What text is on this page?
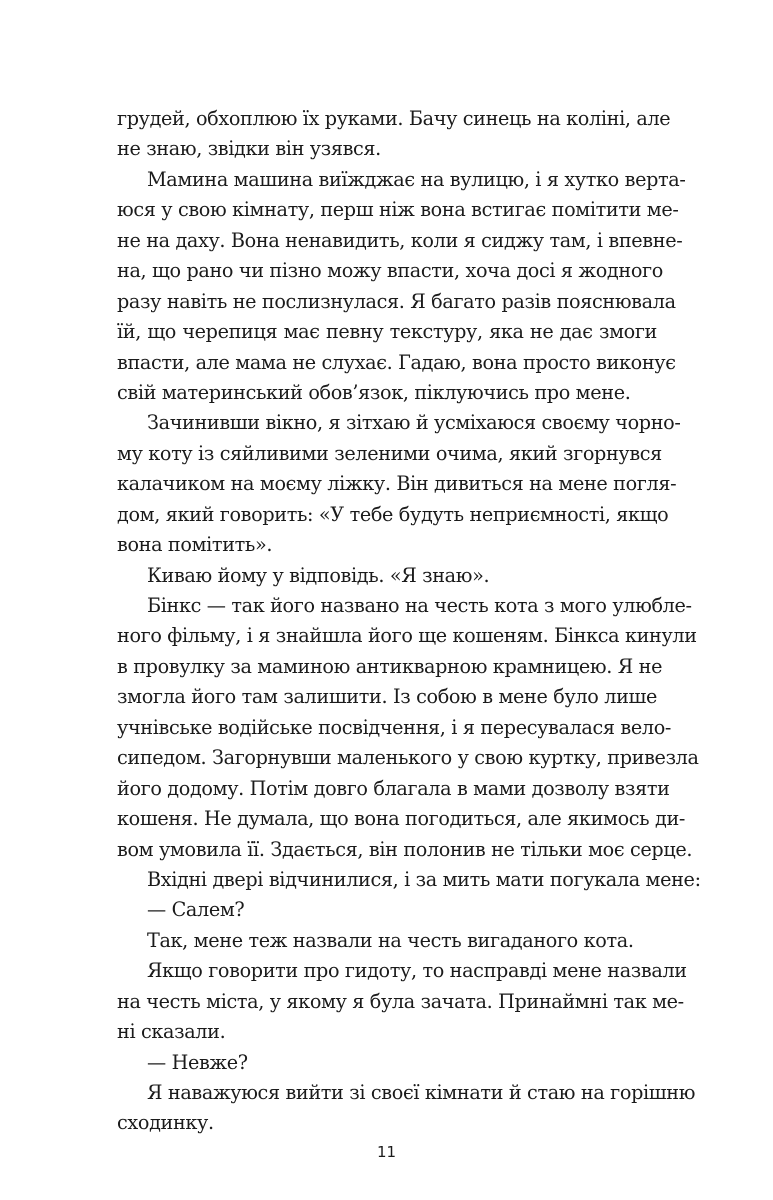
грудей, обхоплюю їх руками. Бачу синець на коліні, але
не знаю, звідки він узявся.
Мамина машина виїжджає на вулицю, і я хутко верта-
юся у свою кімнату, перш ніж вона встигає помітити ме-
не на даху. Вона ненавидить, коли я сиджу там, і впевне-
на, що рано чи пізно можу впасти, хоча досі я жодного
разу навіть не послизнулася. Я багато разів пояснювала
їй, що черепиця має певну текстуру, яка не дає змоги
впасти, але мама не слухає. Гадаю, вона просто виконує
свій материнський обов’язок, піклуючись про мене.
Зачинивши вікно, я зітхаю й усміхаюся своєму чорно-
му коту із сяйливими зеленими очима, який згорнувся
калачиком на моєму ліжку. Він дивиться на мене погля-
дом, який говорить: «У тебе будуть неприємності, якщо
вона помітить».
Киваю йому у відповідь. «Я знаю».
Бінкс — так його названо на честь кота з мого улюбле-
ного фільму, і я знайшла його ще кошеням. Бінкса кинули
в провулку за маминою антикварною крамницею. Я не
змогла його там залишити. Із собою в мене було лише
учнівське водійське посвідчення, і я пересувалася вело-
сипедом. Загорнувши маленького у свою куртку, привезла
його додому. Потім довго благала в мами дозволу взяти
кошеня. Не думала, що вона погодиться, але якимось ди-
вом умовила її. Здається, він полонив не тільки моє серце.
Вхідні двері відчинилися, і за мить мати погукала мене:
— Салем?
Так, мене теж назвали на честь вигаданого кота.
Якщо говорити про гидоту, то насправді мене назвали
на честь міста, у якому я була зачата. Принаймні так ме-
ні сказали.
— Невже?
Я наважуюся вийти зі своєї кімнати й стаю на горішню
сходинку.
11
